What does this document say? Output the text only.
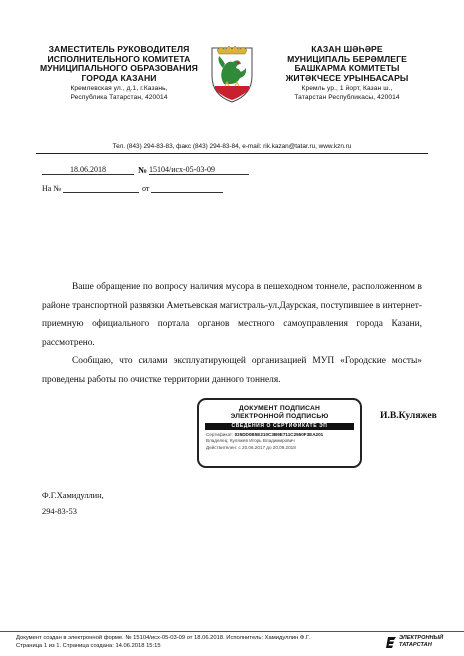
ЗАМЕСТИТЕЛЬ РУКОВОДИТЕЛЯ
ИСПОЛНИТЕЛЬНОГО КОМИТЕТА
МУНИЦИПАЛЬНОГО ОБРАЗОВАНИЯ
ГОРОДА КАЗАНИ
Кремлевская ул., д.1, г.Казань,
Республика Татарстан, 420014
КАЗАН ШӘҺӘРЕ
МУНИЦИПАЛЬ БЕРӘМЛЕГЕ
БАШКАРМА КОМИТЕТЫ
ЖИТӘКЧЕСЕ УРЫНБАСАРЫ
Кремль ур., 1 йорт, Казан ш.,
Татарстан Республикасы, 420014
Тел. (843) 294-83-83, факс (843) 294-83-84, e-mail: rik.kazan@tatar.ru, www.kzn.ru
18.06.2018	№ 15104/исх-05-03-09
На №	от

Ваше обращение по вопросу наличия мусора в пешеходном тоннеле, расположенном в районе транспортной развязки Аметьевская магистраль-ул.Даурская, поступившее в интернет-приемную официального портала органов местного самоуправления города Казани, рассмотрено.

Сообщаю, что силами эксплуатирующей организацией МУП «Городские мосты» проведены работы по очистке территории данного тоннеля.

ДОКУМЕНТ ПОДПИСАН
ЭЛЕКТРОННОЙ ПОДПИСЬЮ
СВЕДЕНИЯ О СЕРТИФИКАТЕ ЭП
Сертификат: 025DD0B5E210C3B9E711C2550F3EA201
Владелец: Куляжев Игорь Владимирович
Действителен: с 20.06.2017 до 20.09.2018
И.В.Куляжев
Ф.Г.Хамидуллин,
294-83-53
Документ создан в электронной форме. № 15104/исх-05-03-09 от 18.06.2018. Исполнитель: Хамидуллин Ф.Г.
Страница 1 из 1. Страница создана: 14.06.2018 15:15
ЭЛЕКТРОННЫЙ
ТАТАРСТАН
